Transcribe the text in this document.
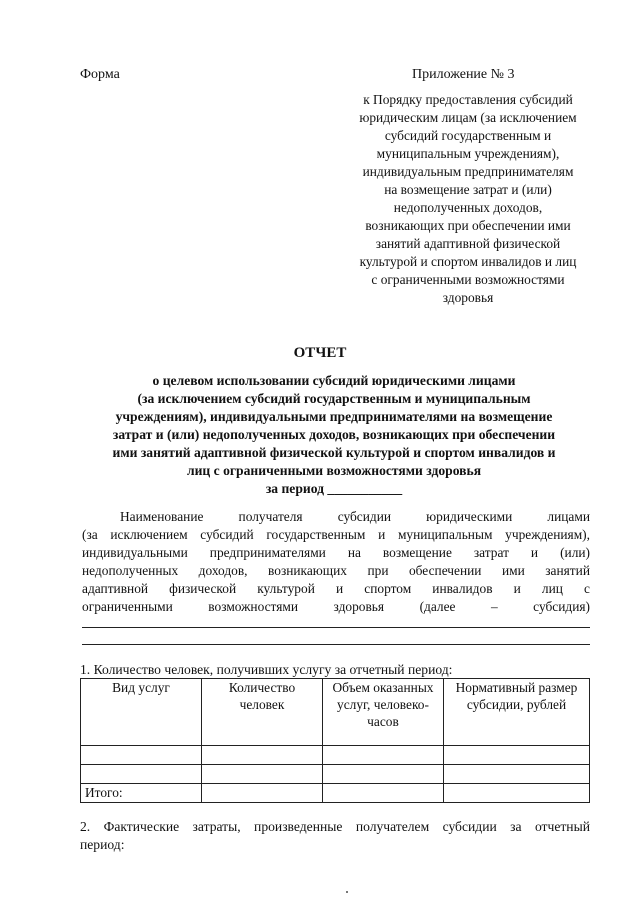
Форма	Приложение № 3
к Порядку предоставления субсидий
юридическим лицам (за исключением
субсидий государственным и
муниципальным учреждениям),
индивидуальным предпринимателям
на возмещение затрат и (или)
недополученных доходов,
возникающих при обеспечении ими
занятий адаптивной физической
культурой и спортом инвалидов и лиц
с ограниченными возможностями
здоровья
ОТЧЕТ
о целевом использовании субсидий юридическими лицами
(за исключением субсидий государственным и муниципальным
учреждениям), индивидуальными предпринимателями на возмещение
затрат и (или) недополученных доходов, возникающих при обеспечении
ими занятий адаптивной физической культурой и спортом инвалидов и
лиц с ограниченными возможностями здоровья
за период ___________
Наименование получателя субсидии юридическими лицами
(за исключением субсидий государственным и муниципальным учреждениям),
индивидуальными предпринимателями на возмещение затрат и (или)
недополученных доходов, возникающих при обеспечении ими занятий
адаптивной физической культурой и спортом инвалидов и лиц с
ограниченными возможностями здоровья (далее – субсидия)
1. Количество человек, получивших услугу за отчетный период:
Вид услуг	Количество человек	Объем оказанных услуг, человеко-часов	Нормативный размер субсидии, рублей

Итого:			
2. Фактические затраты, произведенные получателем субсидии за отчетный
период:
